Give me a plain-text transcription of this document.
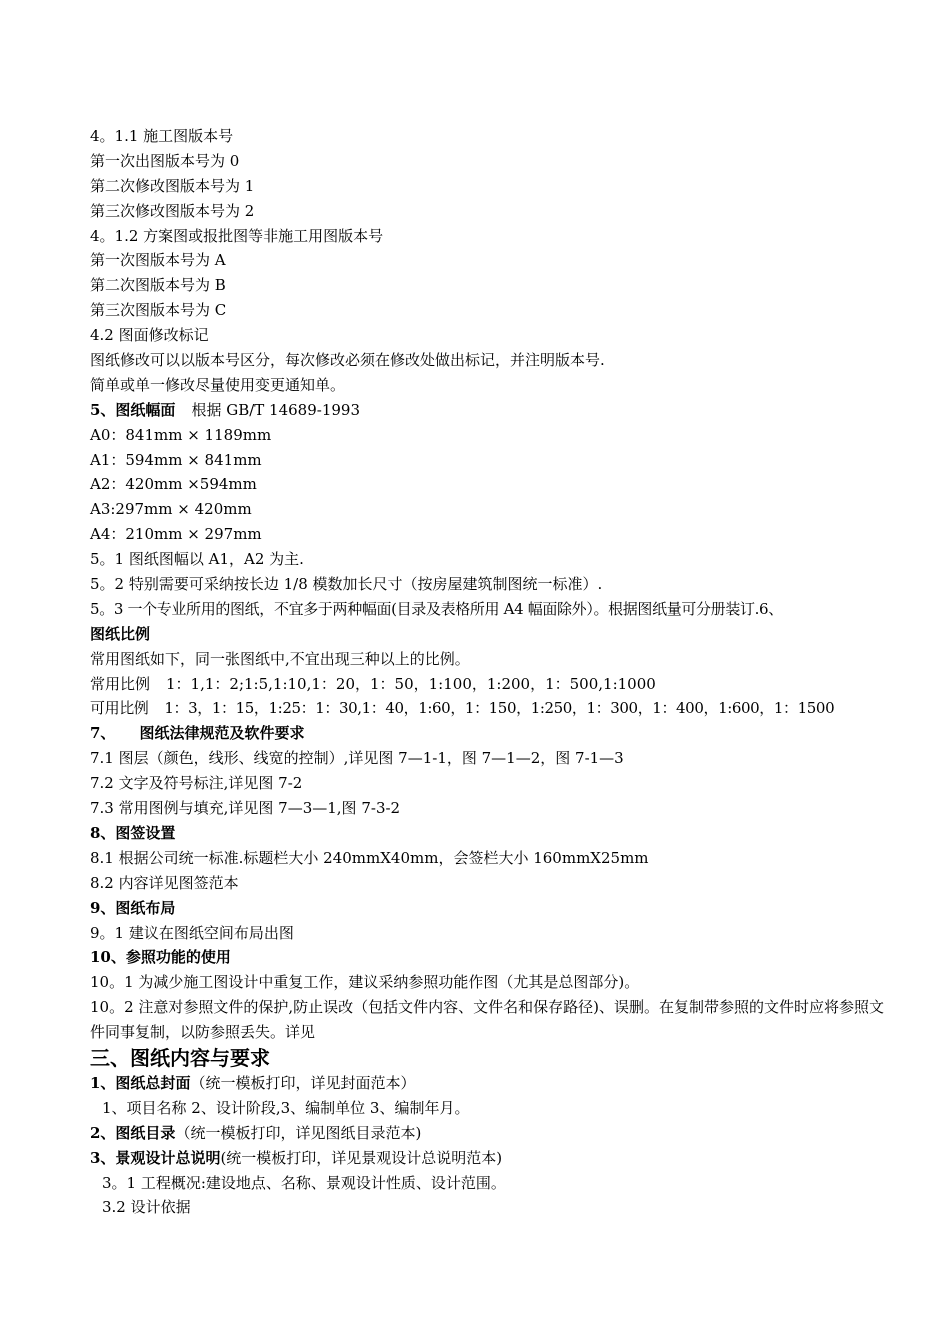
4。1.1 施工图版本号
第一次出图版本号为 0
第二次修改图版本号为 1
第三次修改图版本号为 2
4。1.2 方案图或报批图等非施工用图版本号
第一次图版本号为 A
第二次图版本号为 B
第三次图版本号为 C
4.2 图面修改标记
图纸修改可以以版本号区分，每次修改必须在修改处做出标记，并注明版本号.
简单或单一修改尽量使用变更通知单。
5、图纸幅面 根据 GB/T 14689-1993
A0：841mm × 1189mm
A1：594mm × 841mm
A2：420mm ×594mm
A3:297mm × 420mm
A4：210mm × 297mm
5。1 图纸图幅以 A1，A2 为主.
5。2 特别需要可采纳按长边 1/8 模数加长尺寸（按房屋建筑制图统一标准）.
5。3 一个专业所用的图纸，不宜多于两种幅面(目录及表格所用 A4 幅面除外）。根据图纸量可分册装订.6、
图纸比例
常用图纸如下，同一张图纸中,不宜出现三种以上的比例。
常用比例 1：1,1：2;1:5,1:10,1：20，1：50，1:100，1:200，1：500,1:1000
可用比例 1：3，1：15，1:25：1：30,1：40，1:60，1：150，1:250，1：300，1：400，1:600，1：1500
7、 图纸法律规范及软件要求
7.1 图层（颜色，线形、线宽的控制）,详见图 7—1-1，图 7—1—2，图 7-1—3
7.2 文字及符号标注,详见图 7-2
7.3 常用图例与填充,详见图 7—3—1,图 7-3-2
8、图签设置
8.1 根据公司统一标准.标题栏大小 240mmX40mm，会签栏大小 160mmX25mm
8.2 内容详见图签范本
9、图纸布局
9。1 建议在图纸空间布局出图
10、参照功能的使用
10。1 为减少施工图设计中重复工作，建议采纳参照功能作图（尤其是总图部分)。
10。2 注意对参照文件的保护,防止误改（包括文件内容、文件名和保存路径)、误删。在复制带参照的文件时应将参照文件同事复制，以防参照丢失。详见
三、图纸内容与要求
1、图纸总封面（统一模板打印，详见封面范本）
1、项目名称 2、设计阶段,3、编制单位 3、编制年月。
2、图纸目录（统一模板打印，详见图纸目录范本)
3、景观设计总说明(统一模板打印，详见景观设计总说明范本)
3。1 工程概况:建设地点、名称、景观设计性质、设计范围。
3.2 设计依据
